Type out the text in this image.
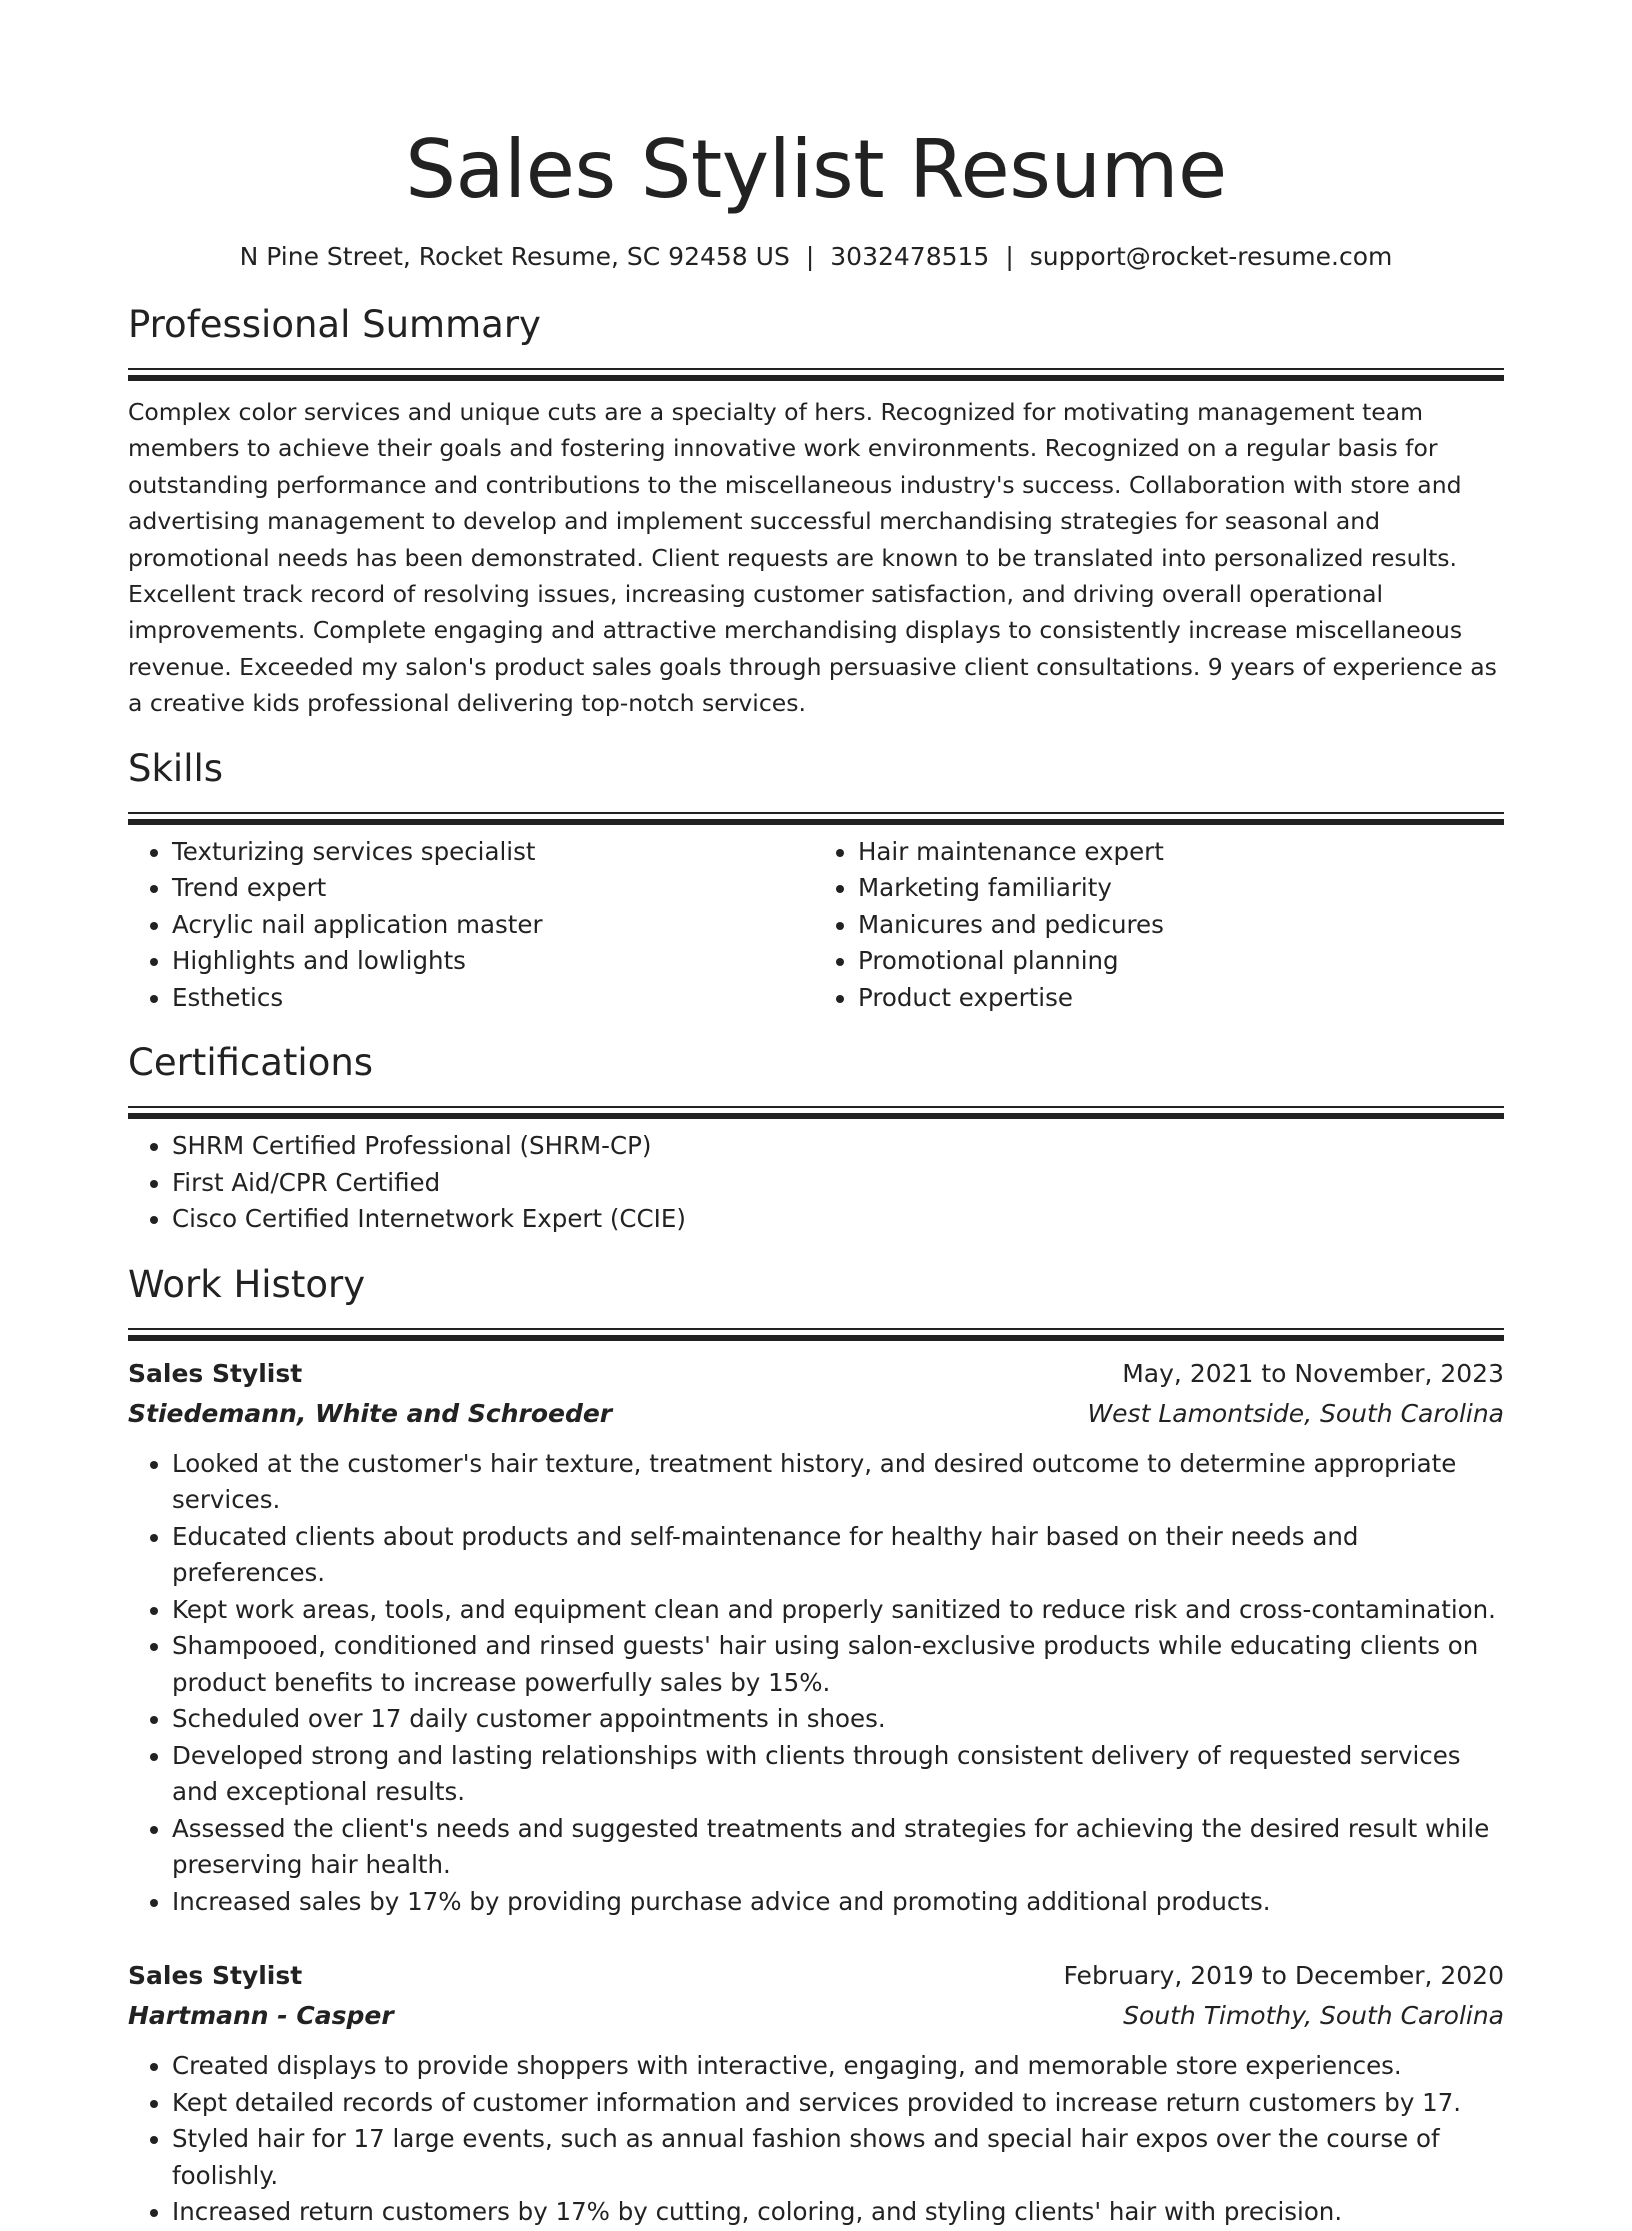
Sales Stylist Resume
N Pine Street, Rocket Resume, SC 92458 US | 3032478515 | support@rocket-resume.com
Professional Summary

Complex color services and unique cuts are a specialty of hers. Recognized for motivating management team members to achieve their goals and fostering innovative work environments. Recognized on a regular basis for outstanding performance and contributions to the miscellaneous industry's success. Collaboration with store and advertising management to develop and implement successful merchandising strategies for seasonal and promotional needs has been demonstrated. Client requests are known to be translated into personalized results. Excellent track record of resolving issues, increasing customer satisfaction, and driving overall operational improvements. Complete engaging and attractive merchandising displays to consistently increase miscellaneous revenue. Exceeded my salon's product sales goals through persuasive client consultations. 9 years of experience as a creative kids professional delivering top-notch services.

Skills
• Texturizing services specialist
• Trend expert
• Acrylic nail application master
• Highlights and lowlights
• Esthetics
• Hair maintenance expert
• Marketing familiarity
• Manicures and pedicures
• Promotional planning
• Product expertise
Certifications
• SHRM Certified Professional (SHRM-CP)
• First Aid/CPR Certified
• Cisco Certified Internetwork Expert (CCIE)
Work History
Sales Stylist	May, 2021 to November, 2023
Stiedemann, White and Schroeder	West Lamontside, South Carolina
• Looked at the customer's hair texture, treatment history, and desired outcome to determine appropriate services.
• Educated clients about products and self-maintenance for healthy hair based on their needs and preferences.
• Kept work areas, tools, and equipment clean and properly sanitized to reduce risk and cross-contamination.
• Shampooed, conditioned and rinsed guests' hair using salon-exclusive products while educating clients on product benefits to increase powerfully sales by 15%.
• Scheduled over 17 daily customer appointments in shoes.
• Developed strong and lasting relationships with clients through consistent delivery of requested services and exceptional results.
• Assessed the client's needs and suggested treatments and strategies for achieving the desired result while preserving hair health.
• Increased sales by 17% by providing purchase advice and promoting additional products.
Sales Stylist	February, 2019 to December, 2020
Hartmann - Casper	South Timothy, South Carolina
• Created displays to provide shoppers with interactive, engaging, and memorable store experiences.
• Kept detailed records of customer information and services provided to increase return customers by 17.
• Styled hair for 17 large events, such as annual fashion shows and special hair expos over the course of foolishly.
• Increased return customers by 17% by cutting, coloring, and styling clients' hair with precision.
